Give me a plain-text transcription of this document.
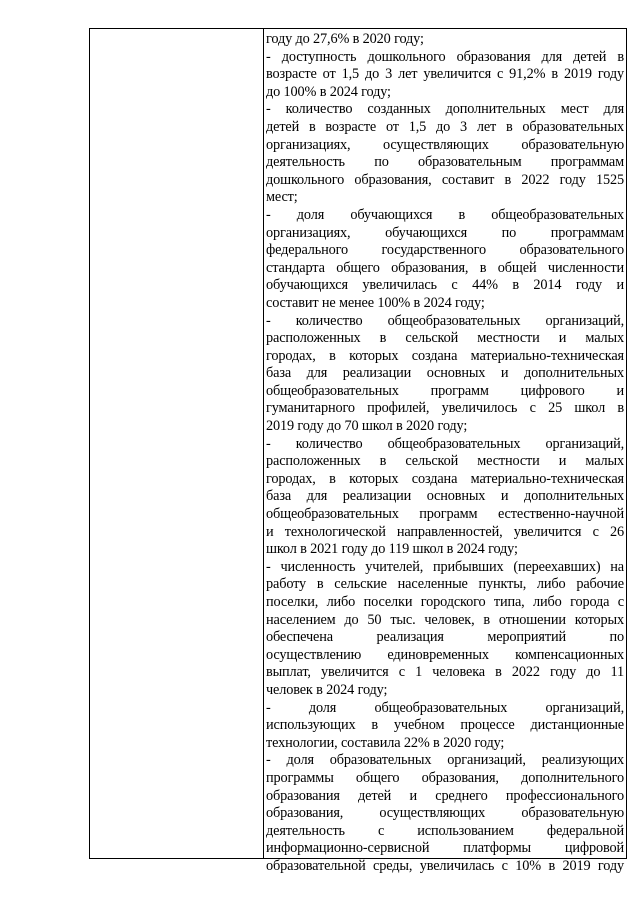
году до 27,6% в 2020 году;
- доступность дошкольного образования для детей в
возрасте от 1,5 до 3 лет увеличится с 91,2% в 2019 году
до 100% в 2024 году;
- количество созданных дополнительных мест для
детей в возрасте от 1,5 до 3 лет в образовательных
организациях, осуществляющих образовательную
деятельность по образовательным программам
дошкольного образования, составит в 2022 году 1525
мест;
- доля обучающихся в общеобразовательных
организациях, обучающихся по программам
федерального государственного образовательного
стандарта общего образования, в общей численности
обучающихся увеличилась с 44% в 2014 году и
составит не менее 100% в 2024 году;
- количество общеобразовательных организаций,
расположенных в сельской местности и малых
городах, в которых создана материально-техническая
база для реализации основных и дополнительных
общеобразовательных программ цифрового и
гуманитарного профилей, увеличилось с 25 школ в
2019 году до 70 школ в 2020 году;
- количество общеобразовательных организаций,
расположенных в сельской местности и малых
городах, в которых создана материально-техническая
база для реализации основных и дополнительных
общеобразовательных программ естественно-научной
и технологической направленностей, увеличится с 26
школ в 2021 году до 119 школ в 2024 году;
- численность учителей, прибывших (переехавших) на
работу в сельские населенные пункты, либо рабочие
поселки, либо поселки городского типа, либо города с
населением до 50 тыс. человек, в отношении которых
обеспечена реализация мероприятий по
осуществлению единовременных компенсационных
выплат, увеличится с 1 человека в 2022 году до 11
человек в 2024 году;
- доля общеобразовательных организаций,
использующих в учебном процессе дистанционные
технологии, составила 22% в 2020 году;
- доля образовательных организаций, реализующих
программы общего образования, дополнительного
образования детей и среднего профессионального
образования, осуществляющих образовательную
деятельность с использованием федеральной
информационно-сервисной платформы цифровой
образовательной среды, увеличилась с 10% в 2019 году
